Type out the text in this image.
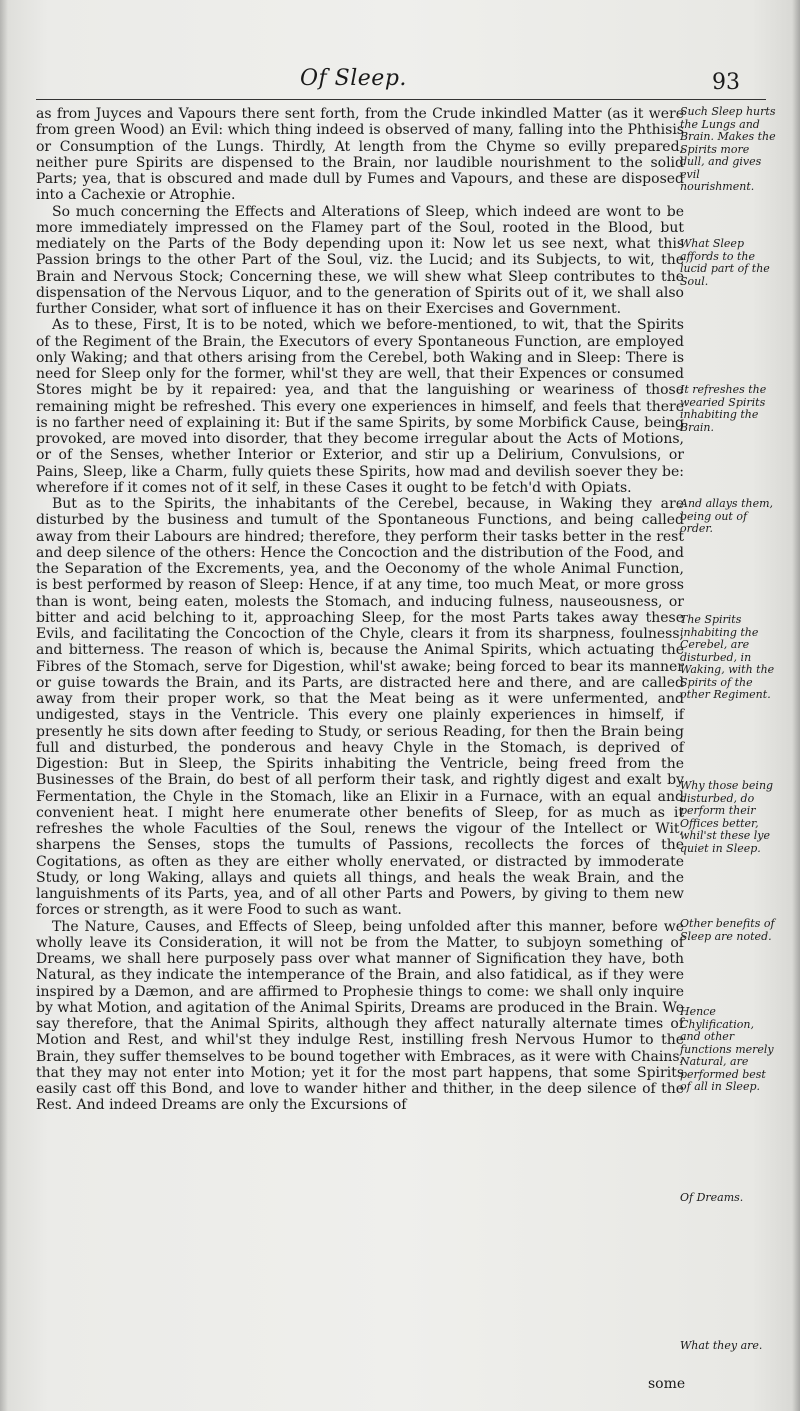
Of Sleep.	93

as from Juyces and Vapours there sent forth, from the Crude inkindled Matter (as it were from green Wood) an Evil: which thing indeed is observed of many, falling into the Phthisis or Consumption of the Lungs. Thirdly, At length from the Chyme so evilly prepared, neither pure Spirits are dispensed to the Brain, nor laudible nourishment to the solid Parts; yea, that is obscured and made dull by Fumes and Vapours, and these are disposed into a Cachexie or Atrophie.

So much concerning the Effects and Alterations of Sleep, which indeed are wont to be more immediately impressed on the Flamey part of the Soul, rooted in the Blood, but mediately on the Parts of the Body depending upon it: Now let us see next, what this Passion brings to the other Part of the Soul, viz. the Lucid; and its Subjects, to wit, the Brain and Nervous Stock; Concerning these, we will shew what Sleep contributes to the dispensation of the Nervous Liquor, and to the generation of Spirits out of it, we shall also further Consider, what sort of influence it has on their Exercises and Government.

As to these, First, It is to be noted, which we before-mentioned, to wit, that the Spirits of the Regiment of the Brain, the Executors of every Spontaneous Function, are employed only Waking; and that others arising from the Cerebel, both Waking and in Sleep: There is need for Sleep only for the former, whil'st they are well, that their Expences or consumed Stores might be by it repaired: yea, and that the languishing or weariness of those remaining might be refreshed. This every one experiences in himself, and feels that there is no farther need of explaining it: But if the same Spirits, by some Morbifick Cause, being provoked, are moved into disorder, that they become irregular about the Acts of Motions, or of the Senses, whether Interior or Exterior, and stir up a Delirium, Convulsions, or Pains, Sleep, like a Charm, fully quiets these Spirits, how mad and devilish soever they be: wherefore if it comes not of it self, in these Cases it ought to be fetch'd with Opiats.

But as to the Spirits, the inhabitants of the Cerebel, because, in Waking they are disturbed by the business and tumult of the Spontaneous Functions, and being called away from their Labours are hindred; therefore, they perform their tasks better in the rest and deep silence of the others: Hence the Concoction and the distribution of the Food, and the Separation of the Excrements, yea, and the Oeconomy of the whole Animal Function, is best performed by reason of Sleep: Hence, if at any time, too much Meat, or more gross than is wont, being eaten, molests the Stomach, and inducing fulness, nauseousness, or bitter and acid belching to it, approaching Sleep, for the most Parts takes away these Evils, and facilitating the Concoction of the Chyle, clears it from its sharpness, foulness, and bitterness. The reason of which is, because the Animal Spirits, which actuating the Fibres of the Stomach, serve for Digestion, whil'st awake; being forced to bear its manner or guise towards the Brain, and its Parts, are distracted here and there, and are called away from their proper work, so that the Meat being as it were unfermented, and undigested, stays in the Ventricle. This every one plainly experiences in himself, if presently he sits down after feeding to Study, or serious Reading, for then the Brain being full and disturbed, the ponderous and heavy Chyle in the Stomach, is deprived of Digestion: But in Sleep, the Spirits inhabiting the Ventricle, being freed from the Businesses of the Brain, do best of all perform their task, and rightly digest and exalt by Fermentation, the Chyle in the Stomach, like an Elixir in a Furnace, with an equal and convenient heat. I might here enumerate other benefits of Sleep, for as much as it refreshes the whole Faculties of the Soul, renews the vigour of the Intellect or Wit, sharpens the Senses, stops the tumults of Passions, recollects the forces of the Cogitations, as often as they are either wholly enervated, or distracted by immoderate Study, or long Waking, allays and quiets all things, and heals the weak Brain, and the languishments of its Parts, yea, and of all other Parts and Powers, by giving to them new forces or strength, as it were Food to such as want.

The Nature, Causes, and Effects of Sleep, being unfolded after this manner, before we wholly leave its Consideration, it will not be from the Matter, to subjoyn something of Dreams, we shall here purposely pass over what manner of Signification they have, both Natural, as they indicate the intemperance of the Brain, and also fatidical, as if they were inspired by a Dæmon, and are affirmed to Prophesie things to come: we shall only inquire by what Motion, and agitation of the Animal Spirits, Dreams are produced in the Brain. We say therefore, that the Animal Spirits, although they affect naturally alternate times of Motion and Rest, and whil'st they indulge Rest, instilling fresh Nervous Humor to the Brain, they suffer themselves to be bound together with Embraces, as it were with Chains, that they may not enter into Motion; yet it for the most part happens, that some Spirits easily cast off this Bond, and love to wander hither and thither, in the deep silence of the Rest. And indeed Dreams are only the Excursions of

Such Sleep hurts the Lungs and Brain. Makes the Spirits more dull, and gives evil nourishment.
What Sleep affords to the lucid part of the Soul.
It refreshes the wearied Spirits inhabiting the Brain.
And allays them, being out of order.
The Spirits inhabiting the Cerebel, are disturbed, in Waking, with the Spirits of the other Regiment.
Why those being disturbed, do perform their Offices better, whil'st these lye quiet in Sleep.
Other benefits of Sleep are noted.
Hence Chylification, and other functions merely Natural, are performed best of all in Sleep.
Of Dreams.
What they are.
some
